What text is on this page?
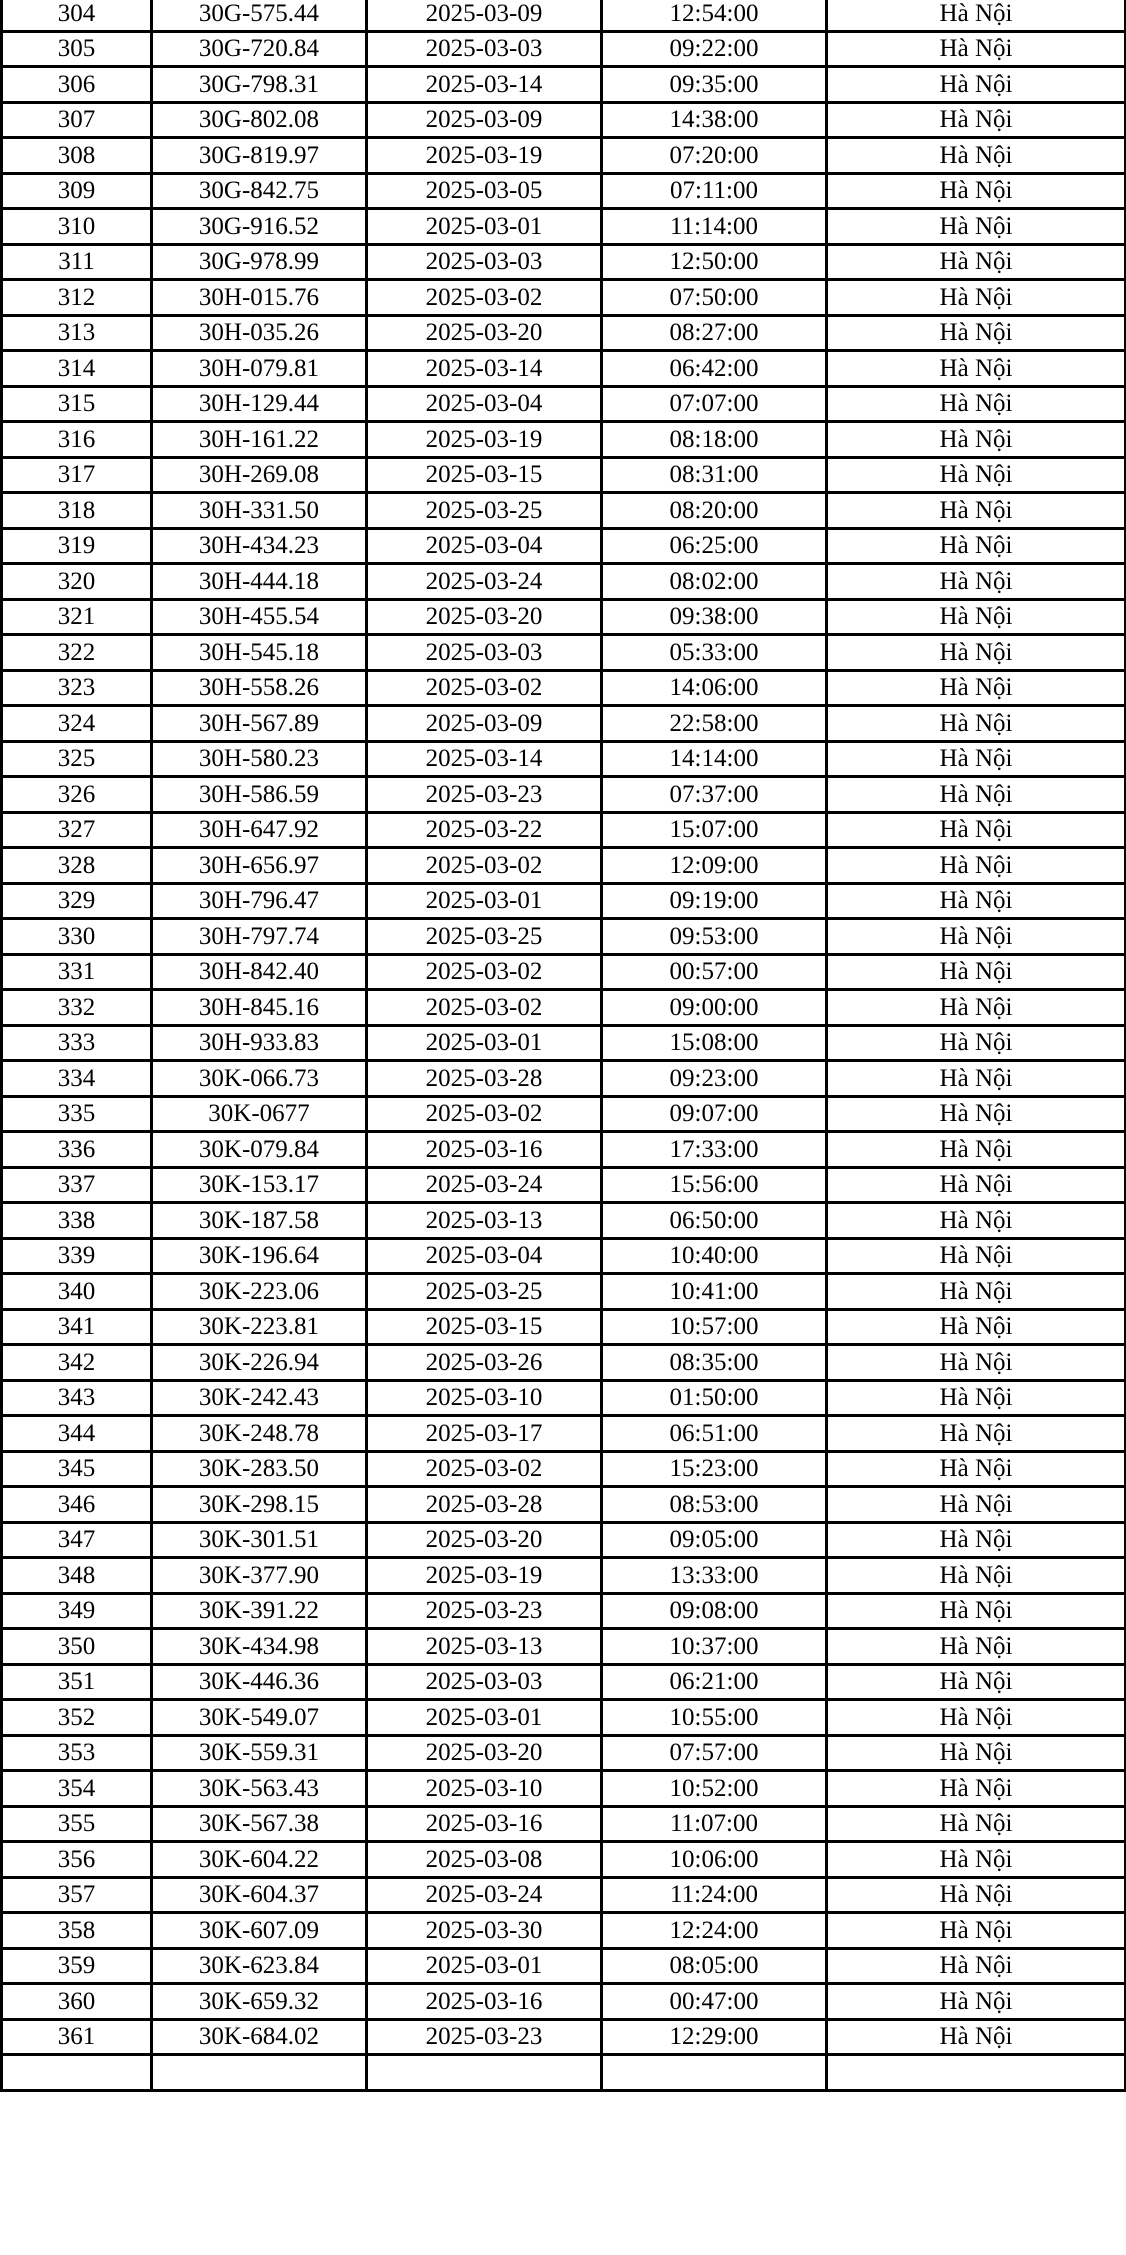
304	30G-575.44	2025-03-09	12:54:00	Hà Nội
305	30G-720.84	2025-03-03	09:22:00	Hà Nội
306	30G-798.31	2025-03-14	09:35:00	Hà Nội
307	30G-802.08	2025-03-09	14:38:00	Hà Nội
308	30G-819.97	2025-03-19	07:20:00	Hà Nội
309	30G-842.75	2025-03-05	07:11:00	Hà Nội
310	30G-916.52	2025-03-01	11:14:00	Hà Nội
311	30G-978.99	2025-03-03	12:50:00	Hà Nội
312	30H-015.76	2025-03-02	07:50:00	Hà Nội
313	30H-035.26	2025-03-20	08:27:00	Hà Nội
314	30H-079.81	2025-03-14	06:42:00	Hà Nội
315	30H-129.44	2025-03-04	07:07:00	Hà Nội
316	30H-161.22	2025-03-19	08:18:00	Hà Nội
317	30H-269.08	2025-03-15	08:31:00	Hà Nội
318	30H-331.50	2025-03-25	08:20:00	Hà Nội
319	30H-434.23	2025-03-04	06:25:00	Hà Nội
320	30H-444.18	2025-03-24	08:02:00	Hà Nội
321	30H-455.54	2025-03-20	09:38:00	Hà Nội
322	30H-545.18	2025-03-03	05:33:00	Hà Nội
323	30H-558.26	2025-03-02	14:06:00	Hà Nội
324	30H-567.89	2025-03-09	22:58:00	Hà Nội
325	30H-580.23	2025-03-14	14:14:00	Hà Nội
326	30H-586.59	2025-03-23	07:37:00	Hà Nội
327	30H-647.92	2025-03-22	15:07:00	Hà Nội
328	30H-656.97	2025-03-02	12:09:00	Hà Nội
329	30H-796.47	2025-03-01	09:19:00	Hà Nội
330	30H-797.74	2025-03-25	09:53:00	Hà Nội
331	30H-842.40	2025-03-02	00:57:00	Hà Nội
332	30H-845.16	2025-03-02	09:00:00	Hà Nội
333	30H-933.83	2025-03-01	15:08:00	Hà Nội
334	30K-066.73	2025-03-28	09:23:00	Hà Nội
335	30K-0677	2025-03-02	09:07:00	Hà Nội
336	30K-079.84	2025-03-16	17:33:00	Hà Nội
337	30K-153.17	2025-03-24	15:56:00	Hà Nội
338	30K-187.58	2025-03-13	06:50:00	Hà Nội
339	30K-196.64	2025-03-04	10:40:00	Hà Nội
340	30K-223.06	2025-03-25	10:41:00	Hà Nội
341	30K-223.81	2025-03-15	10:57:00	Hà Nội
342	30K-226.94	2025-03-26	08:35:00	Hà Nội
343	30K-242.43	2025-03-10	01:50:00	Hà Nội
344	30K-248.78	2025-03-17	06:51:00	Hà Nội
345	30K-283.50	2025-03-02	15:23:00	Hà Nội
346	30K-298.15	2025-03-28	08:53:00	Hà Nội
347	30K-301.51	2025-03-20	09:05:00	Hà Nội
348	30K-377.90	2025-03-19	13:33:00	Hà Nội
349	30K-391.22	2025-03-23	09:08:00	Hà Nội
350	30K-434.98	2025-03-13	10:37:00	Hà Nội
351	30K-446.36	2025-03-03	06:21:00	Hà Nội
352	30K-549.07	2025-03-01	10:55:00	Hà Nội
353	30K-559.31	2025-03-20	07:57:00	Hà Nội
354	30K-563.43	2025-03-10	10:52:00	Hà Nội
355	30K-567.38	2025-03-16	11:07:00	Hà Nội
356	30K-604.22	2025-03-08	10:06:00	Hà Nội
357	30K-604.37	2025-03-24	11:24:00	Hà Nội
358	30K-607.09	2025-03-30	12:24:00	Hà Nội
359	30K-623.84	2025-03-01	08:05:00	Hà Nội
360	30K-659.32	2025-03-16	00:47:00	Hà Nội
361	30K-684.02	2025-03-23	12:29:00	Hà Nội
